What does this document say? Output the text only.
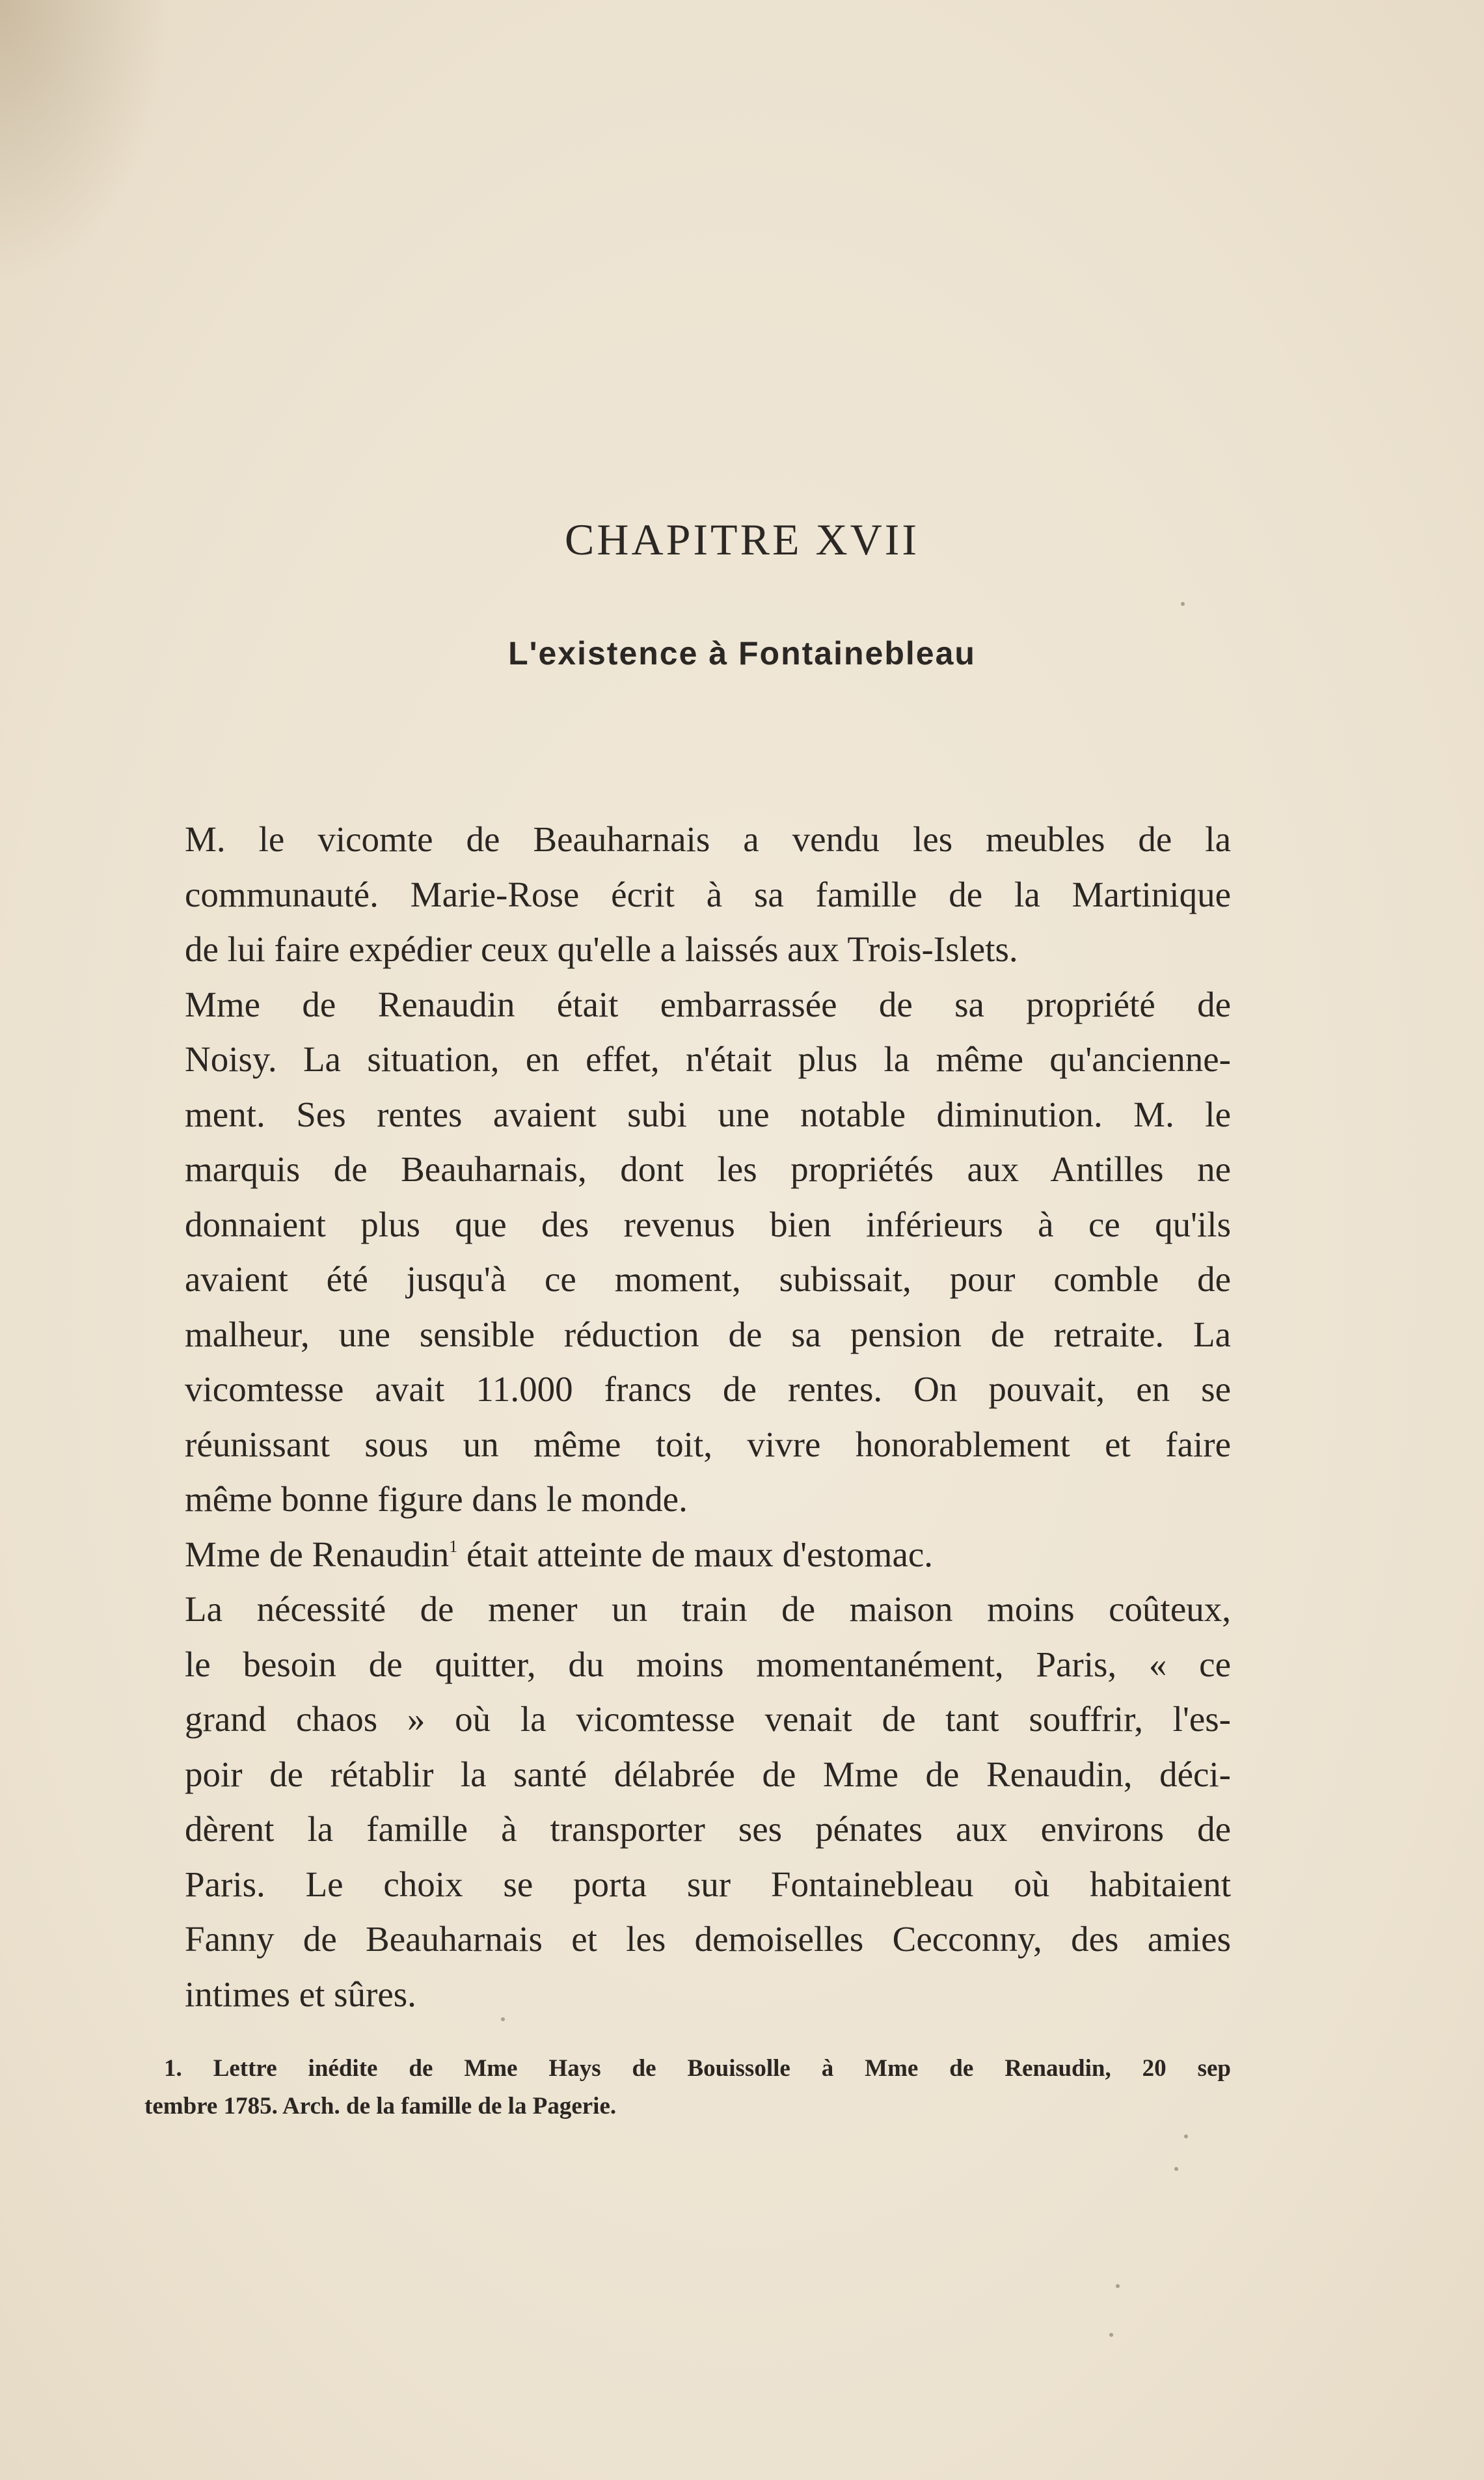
CHAPITRE XVII
L'existence à Fontainebleau

M. le vicomte de Beauharnais a vendu les meubles de la
communauté. Marie-Rose écrit à sa famille de la Martinique
de lui faire expédier ceux qu'elle a laissés aux Trois-Islets.

Mme de Renaudin était embarrassée de sa propriété de
Noisy. La situation, en effet, n'était plus la même qu'ancienne-
ment. Ses rentes avaient subi une notable diminution. M. le
marquis de Beauharnais, dont les propriétés aux Antilles ne
donnaient plus que des revenus bien inférieurs à ce qu'ils
avaient été jusqu'à ce moment, subissait, pour comble de
malheur, une sensible réduction de sa pension de retraite. La
vicomtesse avait 11.000 francs de rentes. On pouvait, en se
réunissant sous un même toit, vivre honorablement et faire
même bonne figure dans le monde.

Mme de Renaudin$^1$ était atteinte de maux d'estomac.

La nécessité de mener un train de maison moins coûteux,
le besoin de quitter, du moins momentanément, Paris, « ce
grand chaos » où la vicomtesse venait de tant souffrir, l'es-
poir de rétablir la santé délabrée de Mme de Renaudin, déci-
dèrent la famille à transporter ses pénates aux environs de
Paris. Le choix se porta sur Fontainebleau où habitaient
Fanny de Beauharnais et les demoiselles Cecconny, des amies
intimes et sûres.

1. Lettre inédite de Mme Hays de Bouissolle à Mme de Renaudin, 20 sep
tembre 1785. Arch. de la famille de la Pagerie.
